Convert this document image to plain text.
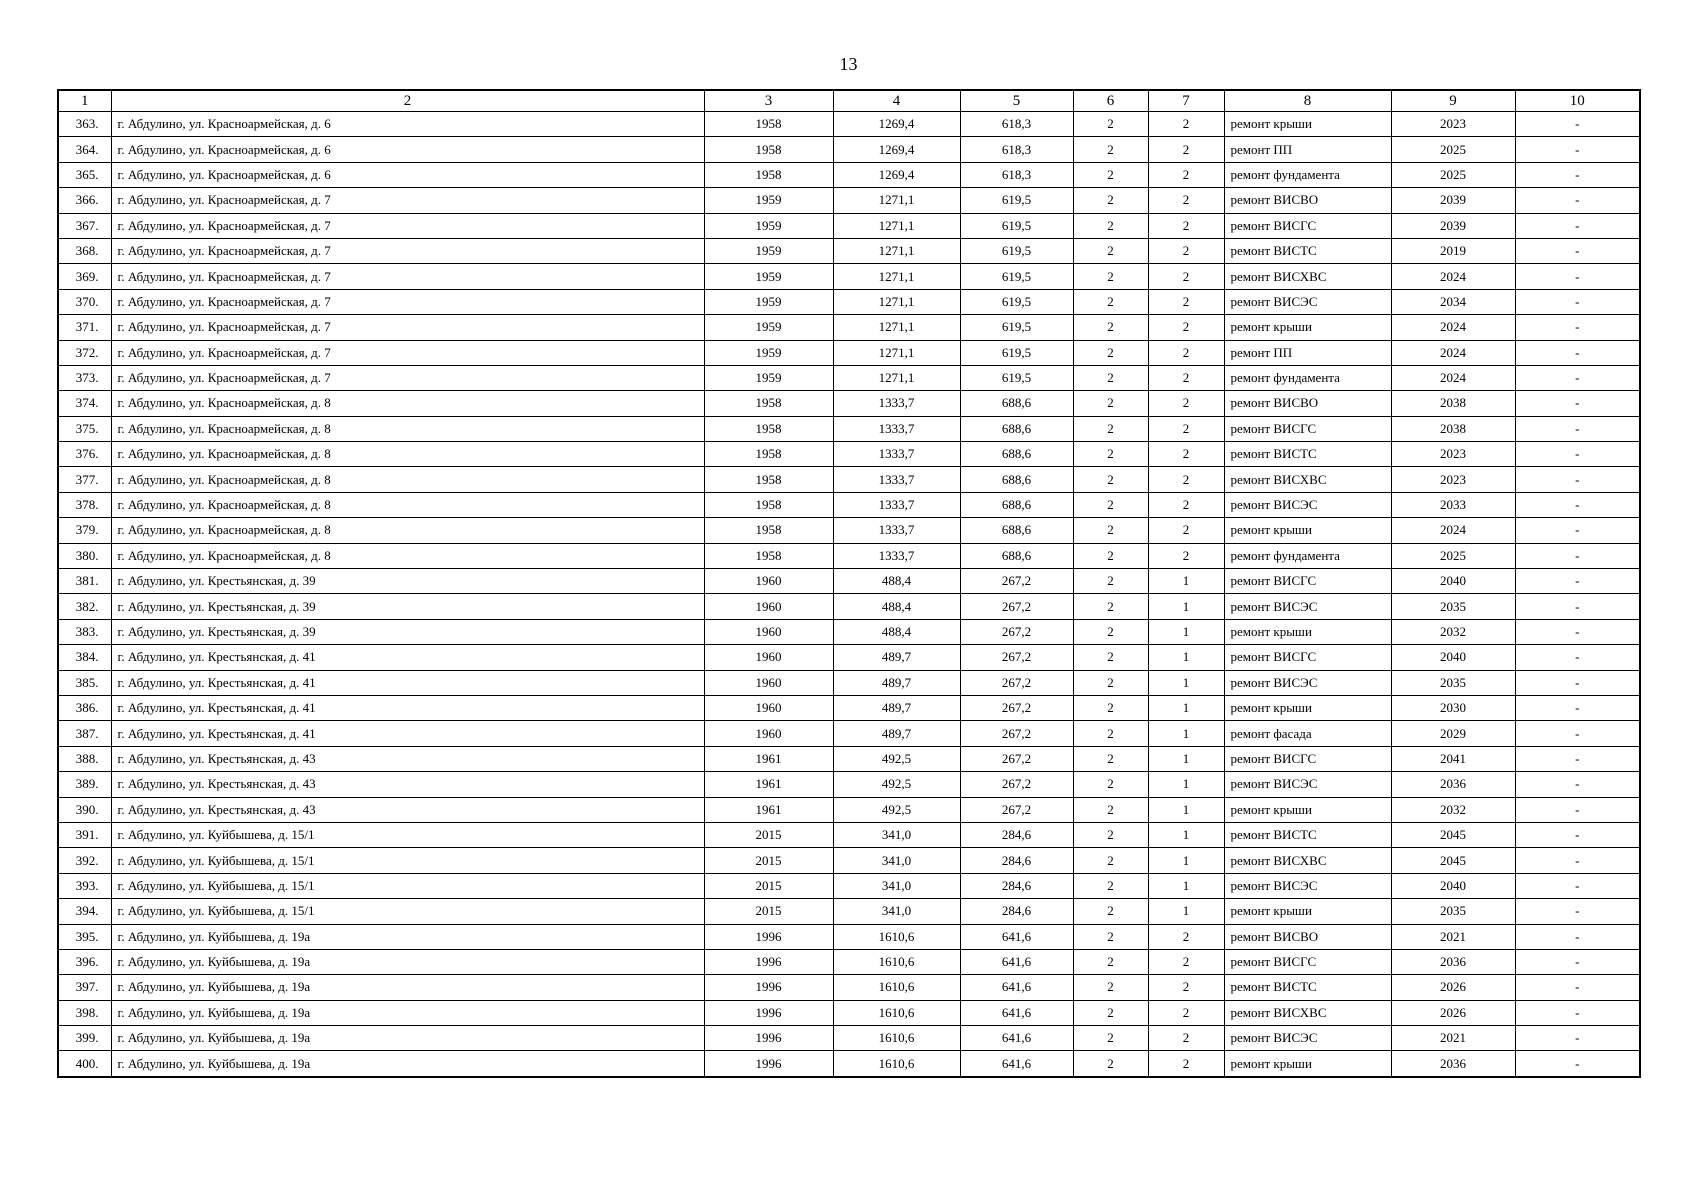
13
1	2	3	4	5	6	7	8	9	10
363.	г. Абдулино, ул. Красноармейская, д. 6	1958	1269,4	618,3	2	2	ремонт крыши	2023	-
364.	г. Абдулино, ул. Красноармейская, д. 6	1958	1269,4	618,3	2	2	ремонт ПП	2025	-
365.	г. Абдулино, ул. Красноармейская, д. 6	1958	1269,4	618,3	2	2	ремонт фундамента	2025	-
366.	г. Абдулино, ул. Красноармейская, д. 7	1959	1271,1	619,5	2	2	ремонт ВИСВО	2039	-
367.	г. Абдулино, ул. Красноармейская, д. 7	1959	1271,1	619,5	2	2	ремонт ВИСГС	2039	-
368.	г. Абдулино, ул. Красноармейская, д. 7	1959	1271,1	619,5	2	2	ремонт ВИСТС	2019	-
369.	г. Абдулино, ул. Красноармейская, д. 7	1959	1271,1	619,5	2	2	ремонт ВИСХВС	2024	-
370.	г. Абдулино, ул. Красноармейская, д. 7	1959	1271,1	619,5	2	2	ремонт ВИСЭС	2034	-
371.	г. Абдулино, ул. Красноармейская, д. 7	1959	1271,1	619,5	2	2	ремонт крыши	2024	-
372.	г. Абдулино, ул. Красноармейская, д. 7	1959	1271,1	619,5	2	2	ремонт ПП	2024	-
373.	г. Абдулино, ул. Красноармейская, д. 7	1959	1271,1	619,5	2	2	ремонт фундамента	2024	-
374.	г. Абдулино, ул. Красноармейская, д. 8	1958	1333,7	688,6	2	2	ремонт ВИСВО	2038	-
375.	г. Абдулино, ул. Красноармейская, д. 8	1958	1333,7	688,6	2	2	ремонт ВИСГС	2038	-
376.	г. Абдулино, ул. Красноармейская, д. 8	1958	1333,7	688,6	2	2	ремонт ВИСТС	2023	-
377.	г. Абдулино, ул. Красноармейская, д. 8	1958	1333,7	688,6	2	2	ремонт ВИСХВС	2023	-
378.	г. Абдулино, ул. Красноармейская, д. 8	1958	1333,7	688,6	2	2	ремонт ВИСЭС	2033	-
379.	г. Абдулино, ул. Красноармейская, д. 8	1958	1333,7	688,6	2	2	ремонт крыши	2024	-
380.	г. Абдулино, ул. Красноармейская, д. 8	1958	1333,7	688,6	2	2	ремонт фундамента	2025	-
381.	г. Абдулино, ул. Крестьянская, д. 39	1960	488,4	267,2	2	1	ремонт ВИСГС	2040	-
382.	г. Абдулино, ул. Крестьянская, д. 39	1960	488,4	267,2	2	1	ремонт ВИСЭС	2035	-
383.	г. Абдулино, ул. Крестьянская, д. 39	1960	488,4	267,2	2	1	ремонт крыши	2032	-
384.	г. Абдулино, ул. Крестьянская, д. 41	1960	489,7	267,2	2	1	ремонт ВИСГС	2040	-
385.	г. Абдулино, ул. Крестьянская, д. 41	1960	489,7	267,2	2	1	ремонт ВИСЭС	2035	-
386.	г. Абдулино, ул. Крестьянская, д. 41	1960	489,7	267,2	2	1	ремонт крыши	2030	-
387.	г. Абдулино, ул. Крестьянская, д. 41	1960	489,7	267,2	2	1	ремонт фасада	2029	-
388.	г. Абдулино, ул. Крестьянская, д. 43	1961	492,5	267,2	2	1	ремонт ВИСГС	2041	-
389.	г. Абдулино, ул. Крестьянская, д. 43	1961	492,5	267,2	2	1	ремонт ВИСЭС	2036	-
390.	г. Абдулино, ул. Крестьянская, д. 43	1961	492,5	267,2	2	1	ремонт крыши	2032	-
391.	г. Абдулино, ул. Куйбышева, д. 15/1	2015	341,0	284,6	2	1	ремонт ВИСТС	2045	-
392.	г. Абдулино, ул. Куйбышева, д. 15/1	2015	341,0	284,6	2	1	ремонт ВИСХВС	2045	-
393.	г. Абдулино, ул. Куйбышева, д. 15/1	2015	341,0	284,6	2	1	ремонт ВИСЭС	2040	-
394.	г. Абдулино, ул. Куйбышева, д. 15/1	2015	341,0	284,6	2	1	ремонт крыши	2035	-
395.	г. Абдулино, ул. Куйбышева, д. 19а	1996	1610,6	641,6	2	2	ремонт ВИСВО	2021	-
396.	г. Абдулино, ул. Куйбышева, д. 19а	1996	1610,6	641,6	2	2	ремонт ВИСГС	2036	-
397.	г. Абдулино, ул. Куйбышева, д. 19а	1996	1610,6	641,6	2	2	ремонт ВИСТС	2026	-
398.	г. Абдулино, ул. Куйбышева, д. 19а	1996	1610,6	641,6	2	2	ремонт ВИСХВС	2026	-
399.	г. Абдулино, ул. Куйбышева, д. 19а	1996	1610,6	641,6	2	2	ремонт ВИСЭС	2021	-
400.	г. Абдулино, ул. Куйбышева, д. 19а	1996	1610,6	641,6	2	2	ремонт крыши	2036	-
